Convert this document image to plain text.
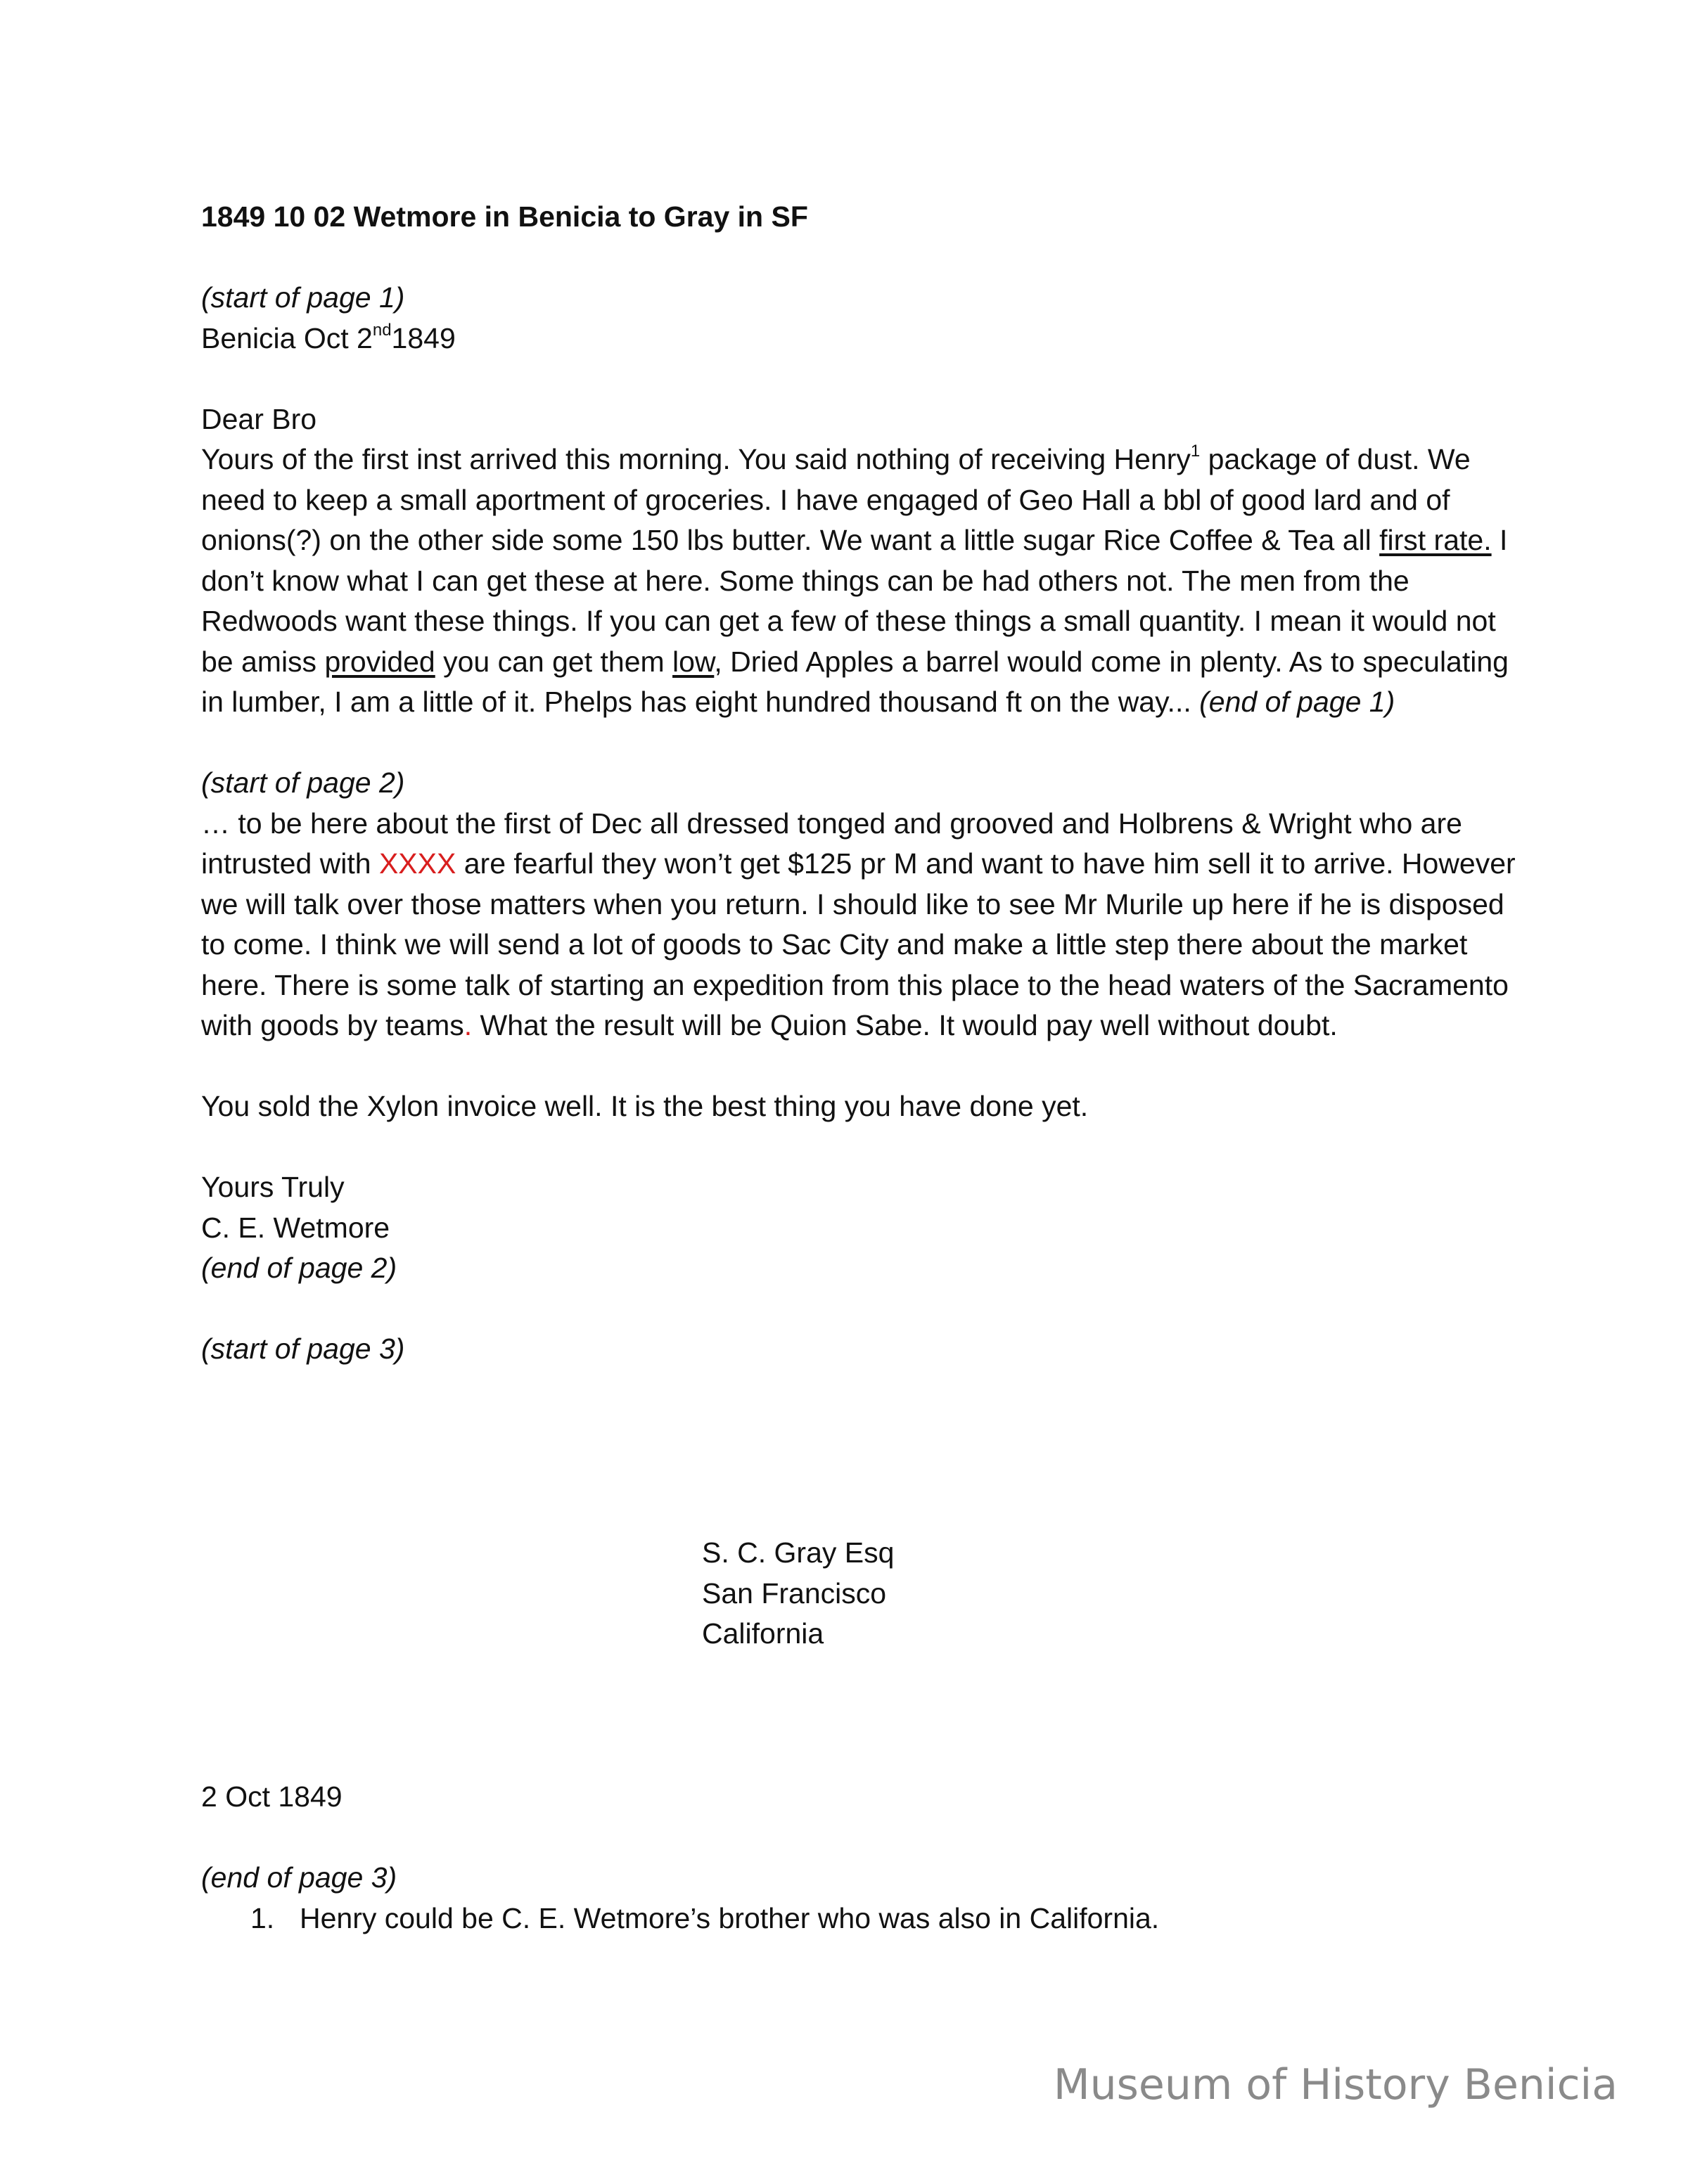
1849 10 02 Wetmore in Benicia to Gray in SF

(start of page 1)

Benicia Oct 2nd1849

Dear Bro

Yours of the first inst arrived this morning. You said nothing of receiving Henry$^1$ package of dust. We need to keep a small aportment of groceries. I have engaged of Geo Hall a bbl of good lard and of onions(?) on the other side some 150 lbs butter. We want a little sugar Rice Coffee & Tea all first rate. I don’t know what I can get these at here. Some things can be had others not. The men from the Redwoods want these things. If you can get a few of these things a small quantity. I mean it would not be amiss provided you can get them low, Dried Apples a barrel would come in plenty. As to speculating in lumber, I am a little of it. Phelps has eight hundred thousand ft on the way... (end of page 1)

(start of page 2)

… to be here about the first of Dec all dressed tonged and grooved and Holbrens & Wright who are intrusted with XXXX are fearful they won’t get $125 pr M and want to have him sell it to arrive. However we will talk over those matters when you return. I should like to see Mr Murile up here if he is disposed to come. I think we will send a lot of goods to Sac City and make a little step there about the market here. There is some talk of starting an expedition from this place to the head waters of the Sacramento with goods by teams. What the result will be Quion Sabe. It would pay well without doubt.

You sold the Xylon invoice well. It is the best thing you have done yet.

Yours Truly

C. E. Wetmore

(end of page 2)

(start of page 3)

S. C. Gray Esq
San Francisco
California
2 Oct 1849
(end of page 3)
1. Henry could be C. E. Wetmore’s brother who was also in California.
Museum of History Benicia
